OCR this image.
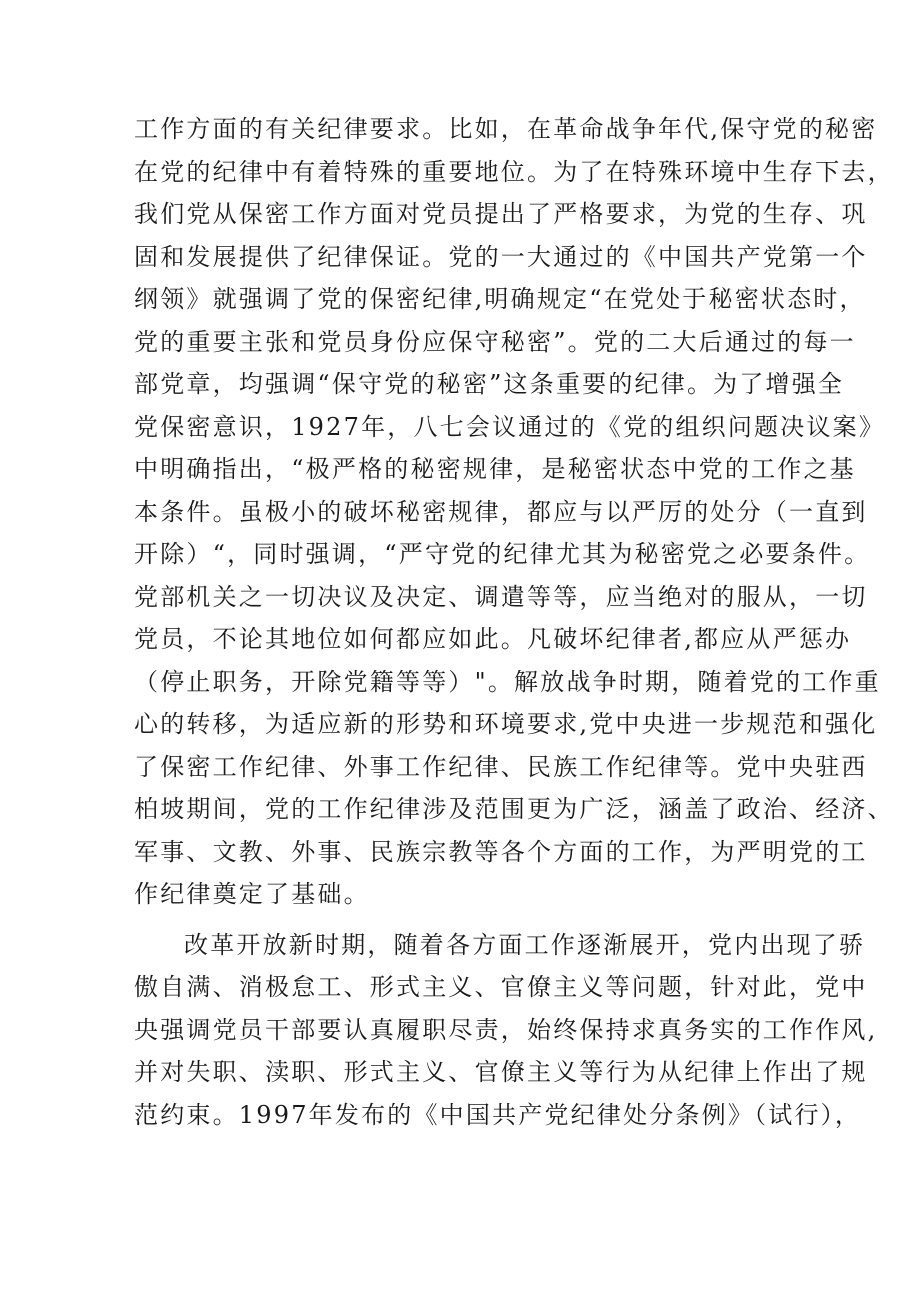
工作方面的有关纪律要求。比如，在革命战争年代,保守党的秘密
在党的纪律中有着特殊的重要地位。为了在特殊环境中生存下去，
我们党从保密工作方面对党员提出了严格要求，为党的生存、巩
固和发展提供了纪律保证。党的一大通过的《中国共产党第一个
纲领》就强调了党的保密纪律,明确规定“在党处于秘密状态时，
党的重要主张和党员身份应保守秘密”。党的二大后通过的每一
部党章，均强调“保守党的秘密”这条重要的纪律。为了增强全
党保密意识，1927年，八七会议通过的《党的组织问题决议案》
中明确指出，“极严格的秘密规律，是秘密状态中党的工作之基
本条件。虽极小的破坏秘密规律，都应与以严厉的处分（一直到
开除）“，同时强调，“严守党的纪律尤其为秘密党之必要条件。
党部机关之一切决议及决定、调遣等等，应当绝对的服从，一切
党员，不论其地位如何都应如此。凡破坏纪律者,都应从严惩办
（停止职务，开除党籍等等）"。解放战争时期，随着党的工作重
心的转移，为适应新的形势和环境要求,党中央进一步规范和强化
了保密工作纪律、外事工作纪律、民族工作纪律等。党中央驻西
柏坡期间，党的工作纪律涉及范围更为广泛，涵盖了政治、经济、
军事、文教、外事、民族宗教等各个方面的工作，为严明党的工
作纪律奠定了基础。
改革开放新时期，随着各方面工作逐渐展开，党内出现了骄
傲自满、消极怠工、形式主义、官僚主义等问题，针对此，党中
央强调党员干部要认真履职尽责，始终保持求真务实的工作作风,
并对失职、渎职、形式主义、官僚主义等行为从纪律上作出了规
范约束。1997年发布的《中国共产党纪律处分条例》（试行），
